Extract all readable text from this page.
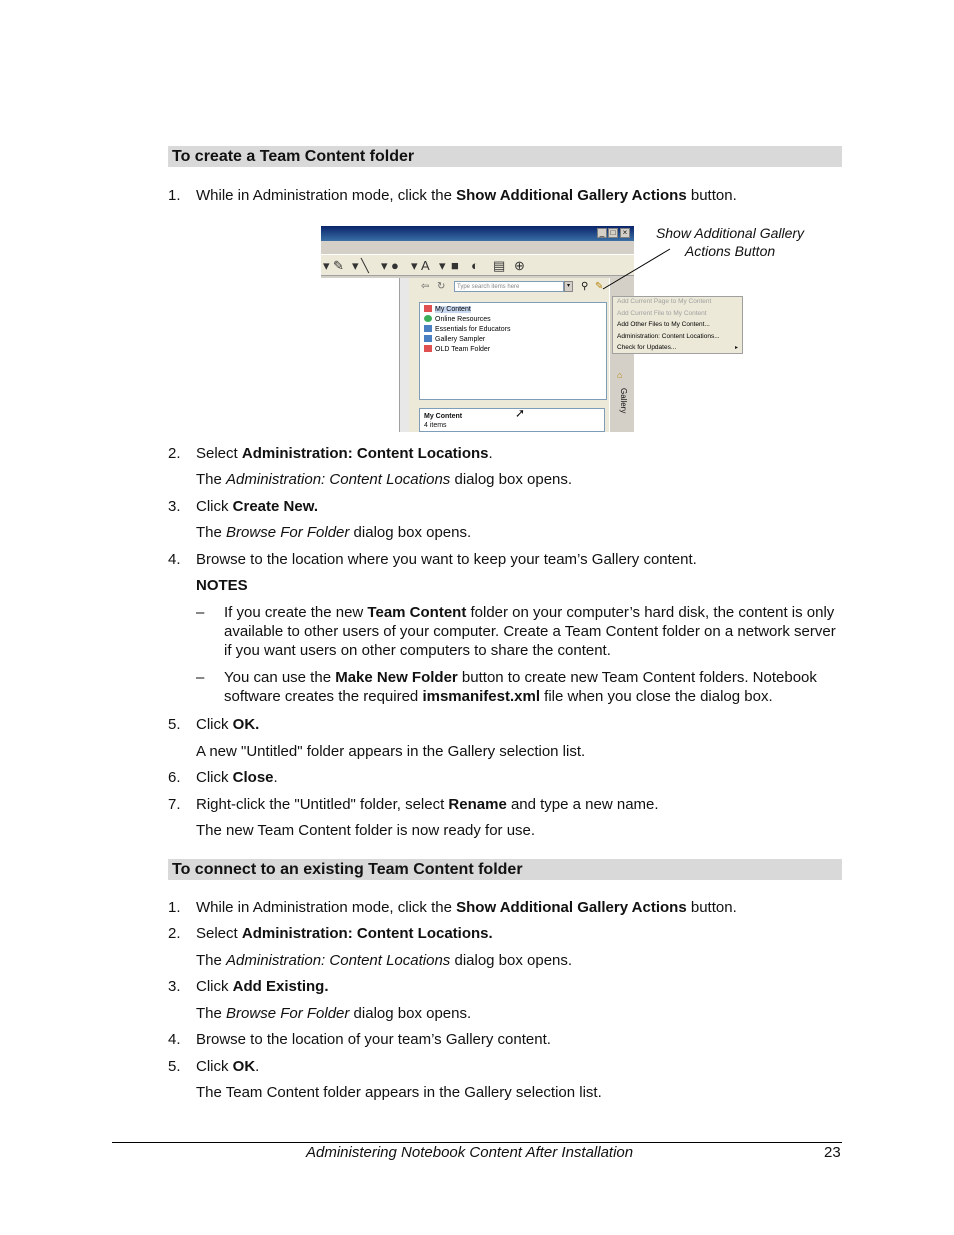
To create a Team Content folder
1.	While in Administration mode, click the Show Additional Gallery Actions button.
_ □ ×
▾ ✎ ▾ ╲ ▾ ● ▾ A ▾ ■ ◐ ▤ ⊕
⇦ ↻	Type search items here	▾	⚲ ✎
My Content
Online Resources
Essentials for Educators
Gallery Sampler
OLD Team Folder
My Content
4 items
➚
⌂
Gallery
Add Current Page to My Content
Add Current File to My Content
Add Other Files to My Content...
Administration: Content Locations...
Check for Updates...	▸
Show Additional Gallery
Actions Button
2.	Select Administration: Content Locations.
The Administration: Content Locations dialog box opens.
3.	Click Create New.
The Browse For Folder dialog box opens.
4.	Browse to the location where you want to keep your team’s Gallery content.
NOTES
– If you create the new Team Content folder on your computer’s hard disk, the content is only available to other users of your computer. Create a Team Content folder on a network server if you want users on other computers to share the content.
– You can use the Make New Folder button to create new Team Content folders. Notebook software creates the required imsmanifest.xml file when you close the dialog box.
5.	Click OK.
A new "Untitled" folder appears in the Gallery selection list.
6.	Click Close.
7.	Right-click the "Untitled" folder, select Rename and type a new name.
The new Team Content folder is now ready for use.
To connect to an existing Team Content folder
1.	While in Administration mode, click the Show Additional Gallery Actions button.
2.	Select Administration: Content Locations.
The Administration: Content Locations dialog box opens.
3.	Click Add Existing.
The Browse For Folder dialog box opens.
4.	Browse to the location of your team’s Gallery content.
5.	Click OK.
The Team Content folder appears in the Gallery selection list.
Administering Notebook Content After Installation	23
